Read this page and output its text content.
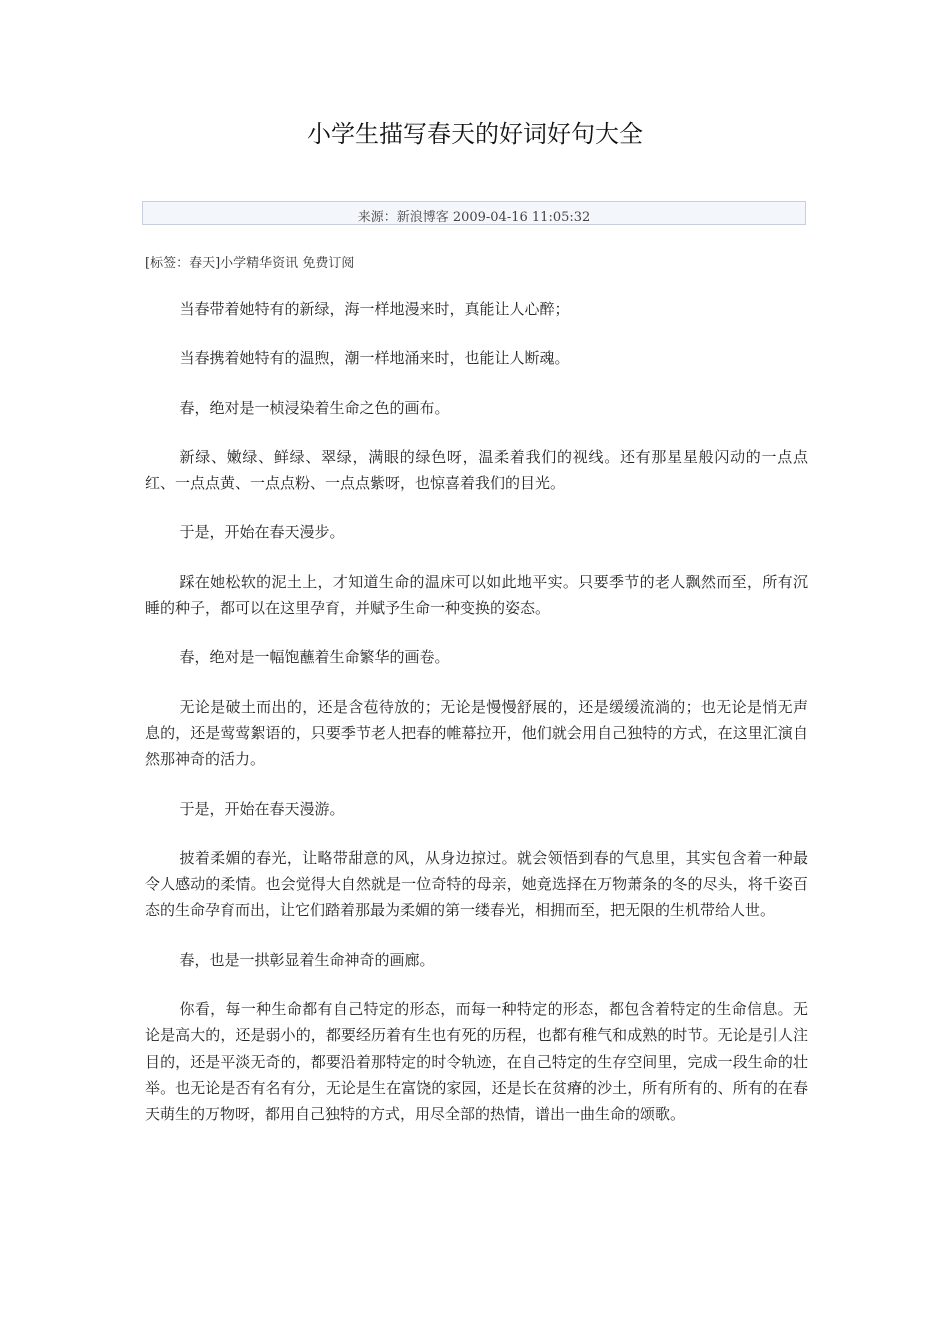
小学生描写春天的好词好句大全
来源：新浪博客 2009-04-16 11:05:32
[标签：春天]小学精华资讯 免费订阅

当春带着她特有的新绿，海一样地漫来时，真能让人心醉；

当春携着她特有的温煦，潮一样地涌来时，也能让人断魂。

春，绝对是一桢浸染着生命之色的画布。

新绿、嫩绿、鲜绿、翠绿，满眼的绿色呀，温柔着我们的视线。还有那星星般闪动的一点点红、一点点黄、一点点粉、一点点紫呀，也惊喜着我们的目光。

于是，开始在春天漫步。

踩在她松软的泥土上，才知道生命的温床可以如此地平实。只要季节的老人飘然而至，所有沉睡的种子，都可以在这里孕育，并赋予生命一种变换的姿态。

春，绝对是一幅饱蘸着生命繁华的画卷。

无论是破土而出的，还是含苞待放的；无论是慢慢舒展的，还是缓缓流淌的；也无论是悄无声息的，还是莺莺絮语的，只要季节老人把春的帷幕拉开，他们就会用自己独特的方式，在这里汇演自然那神奇的活力。

于是，开始在春天漫游。

披着柔媚的春光，让略带甜意的风，从身边掠过。就会领悟到春的气息里，其实包含着一种最令人感动的柔情。也会觉得大自然就是一位奇特的母亲，她竟选择在万物萧条的冬的尽头，将千姿百态的生命孕育而出，让它们踏着那最为柔媚的第一缕春光，相拥而至，把无限的生机带给人世。

春，也是一拱彰显着生命神奇的画廊。

你看，每一种生命都有自己特定的形态，而每一种特定的形态，都包含着特定的生命信息。无论是高大的，还是弱小的，都要经历着有生也有死的历程，也都有稚气和成熟的时节。无论是引人注目的，还是平淡无奇的，都要沿着那特定的时令轨迹，在自己特定的生存空间里，完成一段生命的壮举。也无论是否有名有分，无论是生在富饶的家园，还是长在贫瘠的沙土，所有所有的、所有的在春天萌生的万物呀，都用自己独特的方式，用尽全部的热情，谱出一曲生命的颂歌。
